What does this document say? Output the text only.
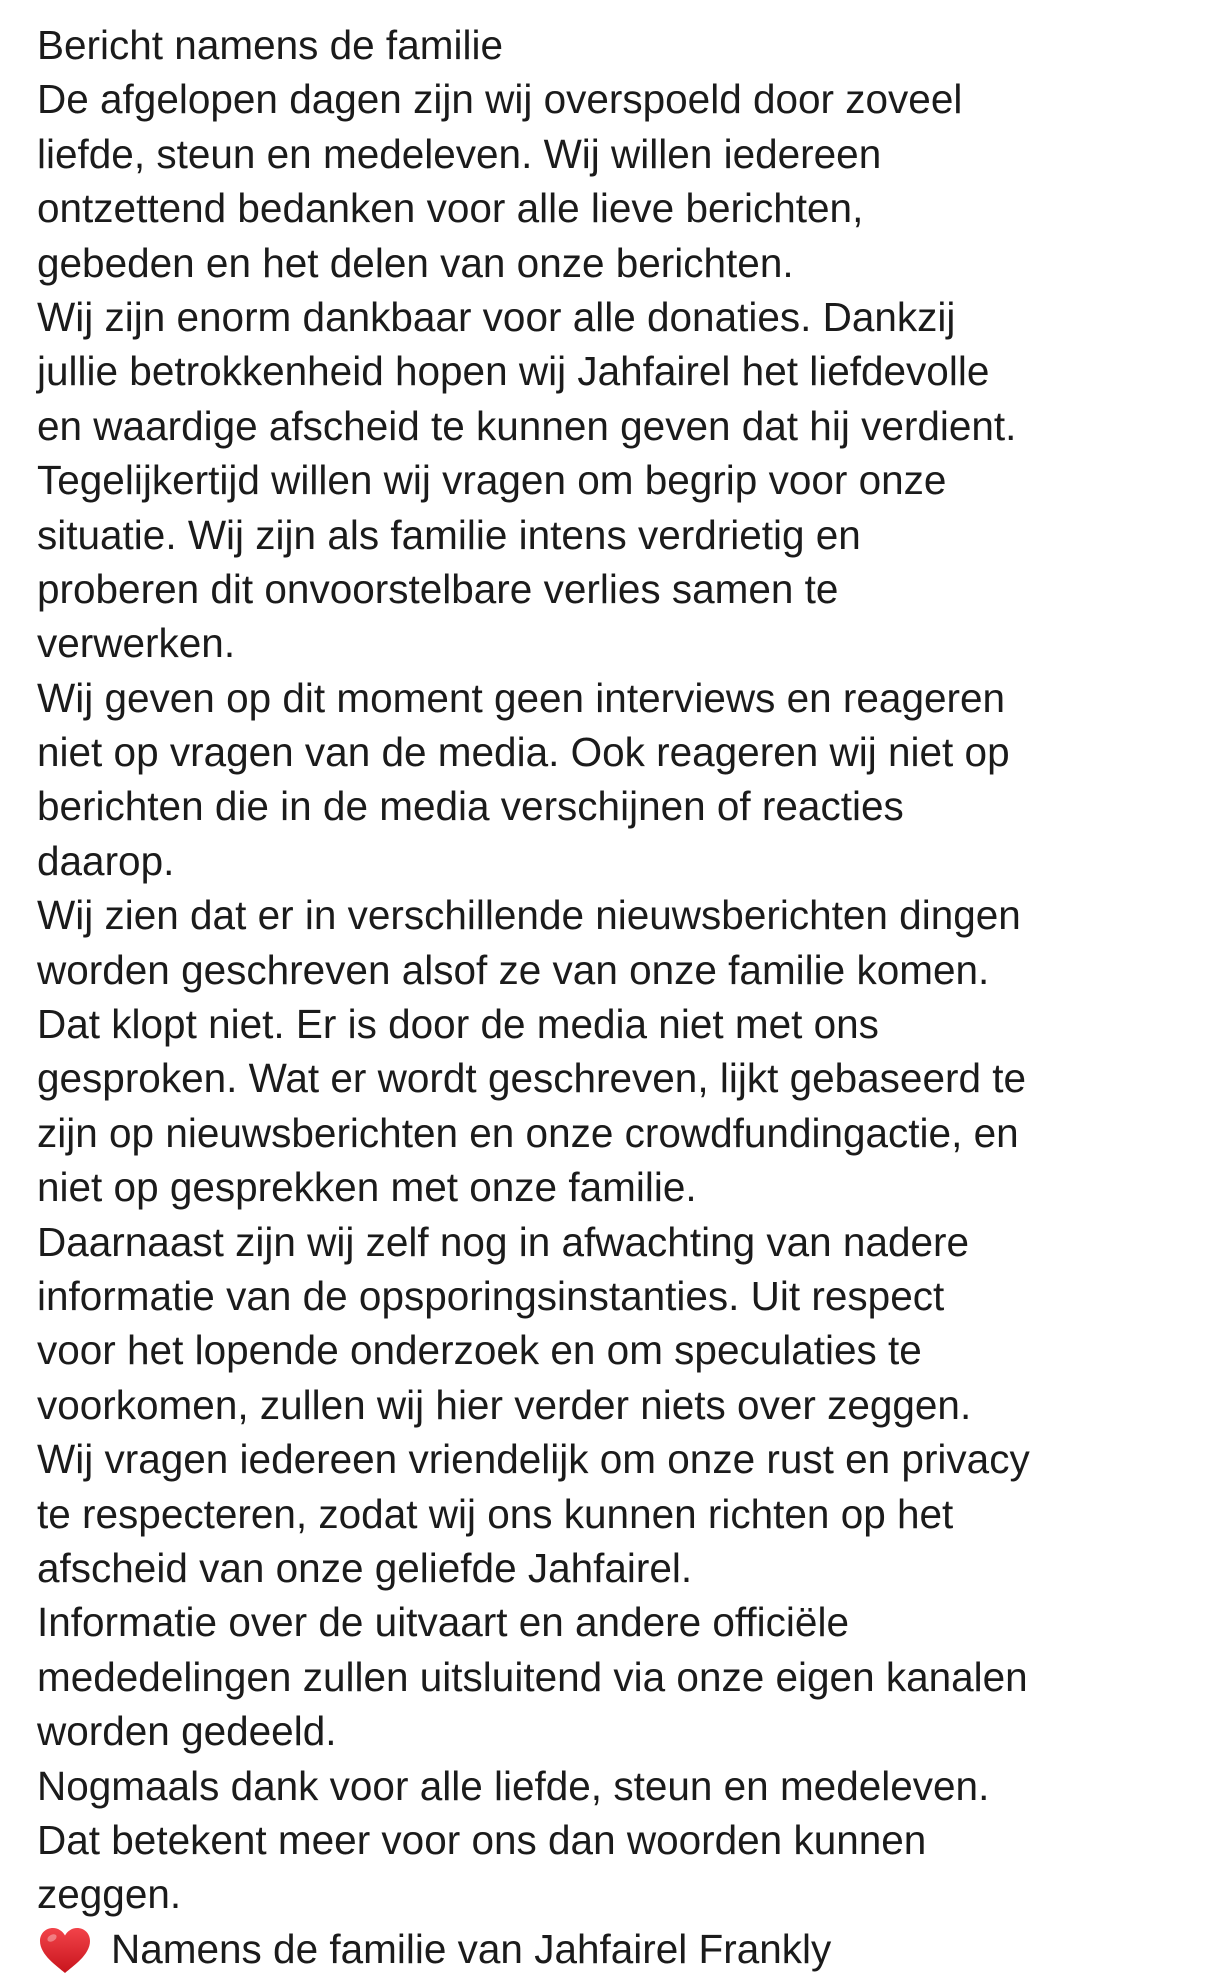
Bericht namens de familie
De afgelopen dagen zijn wij overspoeld door zoveel
liefde, steun en medeleven. Wij willen iedereen
ontzettend bedanken voor alle lieve berichten,
gebeden en het delen van onze berichten.
Wij zijn enorm dankbaar voor alle donaties. Dankzij
jullie betrokkenheid hopen wij Jahfairel het liefdevolle
en waardige afscheid te kunnen geven dat hij verdient.
Tegelijkertijd willen wij vragen om begrip voor onze
situatie. Wij zijn als familie intens verdrietig en
proberen dit onvoorstelbare verlies samen te
verwerken.
Wij geven op dit moment geen interviews en reageren
niet op vragen van de media. Ook reageren wij niet op
berichten die in de media verschijnen of reacties
daarop.
Wij zien dat er in verschillende nieuwsberichten dingen
worden geschreven alsof ze van onze familie komen.
Dat klopt niet. Er is door de media niet met ons
gesproken. Wat er wordt geschreven, lijkt gebaseerd te
zijn op nieuwsberichten en onze crowdfundingactie, en
niet op gesprekken met onze familie.
Daarnaast zijn wij zelf nog in afwachting van nadere
informatie van de opsporingsinstanties. Uit respect
voor het lopende onderzoek en om speculaties te
voorkomen, zullen wij hier verder niets over zeggen.
Wij vragen iedereen vriendelijk om onze rust en privacy
te respecteren, zodat wij ons kunnen richten op het
afscheid van onze geliefde Jahfairel.
Informatie over de uitvaart en andere officiële
mededelingen zullen uitsluitend via onze eigen kanalen
worden gedeeld.
Nogmaals dank voor alle liefde, steun en medeleven.
Dat betekent meer voor ons dan woorden kunnen
zeggen.
Namens de familie van Jahfairel Frankly
